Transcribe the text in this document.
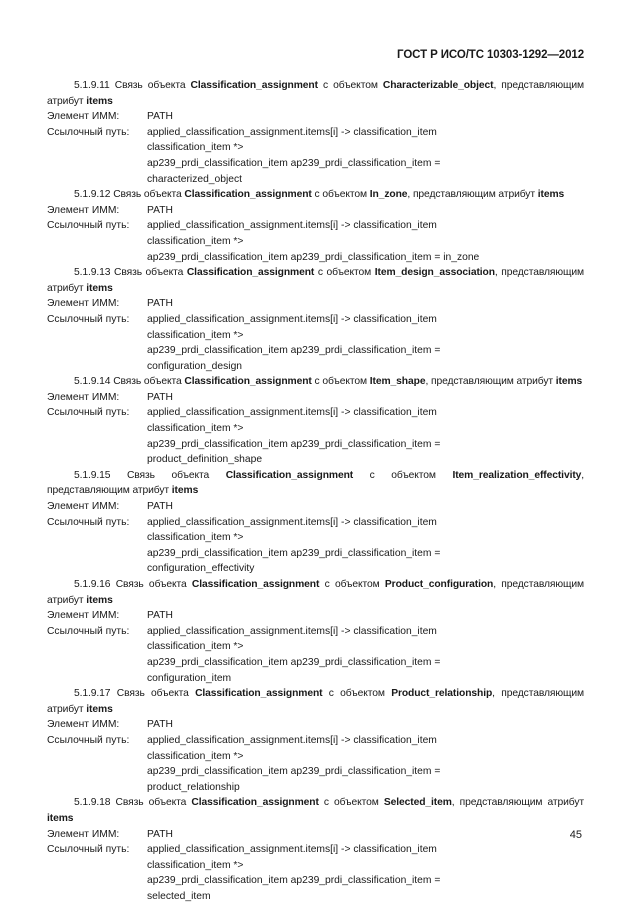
ГОСТ Р ИСО/ТС 10303-1292—2012
5.1.9.11 Связь объекта Classification_assignment с объектом Characterizable_object, представляющим атрибут items
Элемент ИММ:	PATH
Ссылочный путь:	applied_classification_assignment.items[i] -> classification_item
classification_item *>
ap239_prdi_classification_item ap239_prdi_classification_item =
characterized_object
5.1.9.12 Связь объекта Classification_assignment с объектом In_zone, представляющим атрибут items
Элемент ИММ:	PATH
Ссылочный путь:	applied_classification_assignment.items[i] -> classification_item
classification_item *>
ap239_prdi_classification_item ap239_prdi_classification_item = in_zone
5.1.9.13 Связь объекта Classification_assignment с объектом Item_design_association, представляющим атрибут items
Элемент ИММ:	PATH
Ссылочный путь:	applied_classification_assignment.items[i] -> classification_item
classification_item *>
ap239_prdi_classification_item ap239_prdi_classification_item =
configuration_design
5.1.9.14 Связь объекта Classification_assignment с объектом Item_shape, представляющим атрибут items
Элемент ИММ:	PATH
Ссылочный путь:	applied_classification_assignment.items[i] -> classification_item
classification_item *>
ap239_prdi_classification_item ap239_prdi_classification_item =
product_definition_shape
5.1.9.15 Связь объекта Classification_assignment с объектом Item_realization_effectivity, представляющим атрибут items
Элемент ИММ:	PATH
Ссылочный путь:	applied_classification_assignment.items[i] -> classification_item
classification_item *>
ap239_prdi_classification_item ap239_prdi_classification_item =
configuration_effectivity
5.1.9.16 Связь объекта Classification_assignment с объектом Product_configuration, представляющим атрибут items
Элемент ИММ:	PATH
Ссылочный путь:	applied_classification_assignment.items[i] -> classification_item
classification_item *>
ap239_prdi_classification_item ap239_prdi_classification_item =
configuration_item
5.1.9.17 Связь объекта Classification_assignment с объектом Product_relationship, представляющим атрибут items
Элемент ИММ:	PATH
Ссылочный путь:	applied_classification_assignment.items[i] -> classification_item
classification_item *>
ap239_prdi_classification_item ap239_prdi_classification_item =
product_relationship
5.1.9.18 Связь объекта Classification_assignment с объектом Selected_item, представляющим атрибут items
Элемент ИММ:	PATH
Ссылочный путь:	applied_classification_assignment.items[i] -> classification_item
classification_item *>
ap239_prdi_classification_item ap239_prdi_classification_item =
selected_item
45
